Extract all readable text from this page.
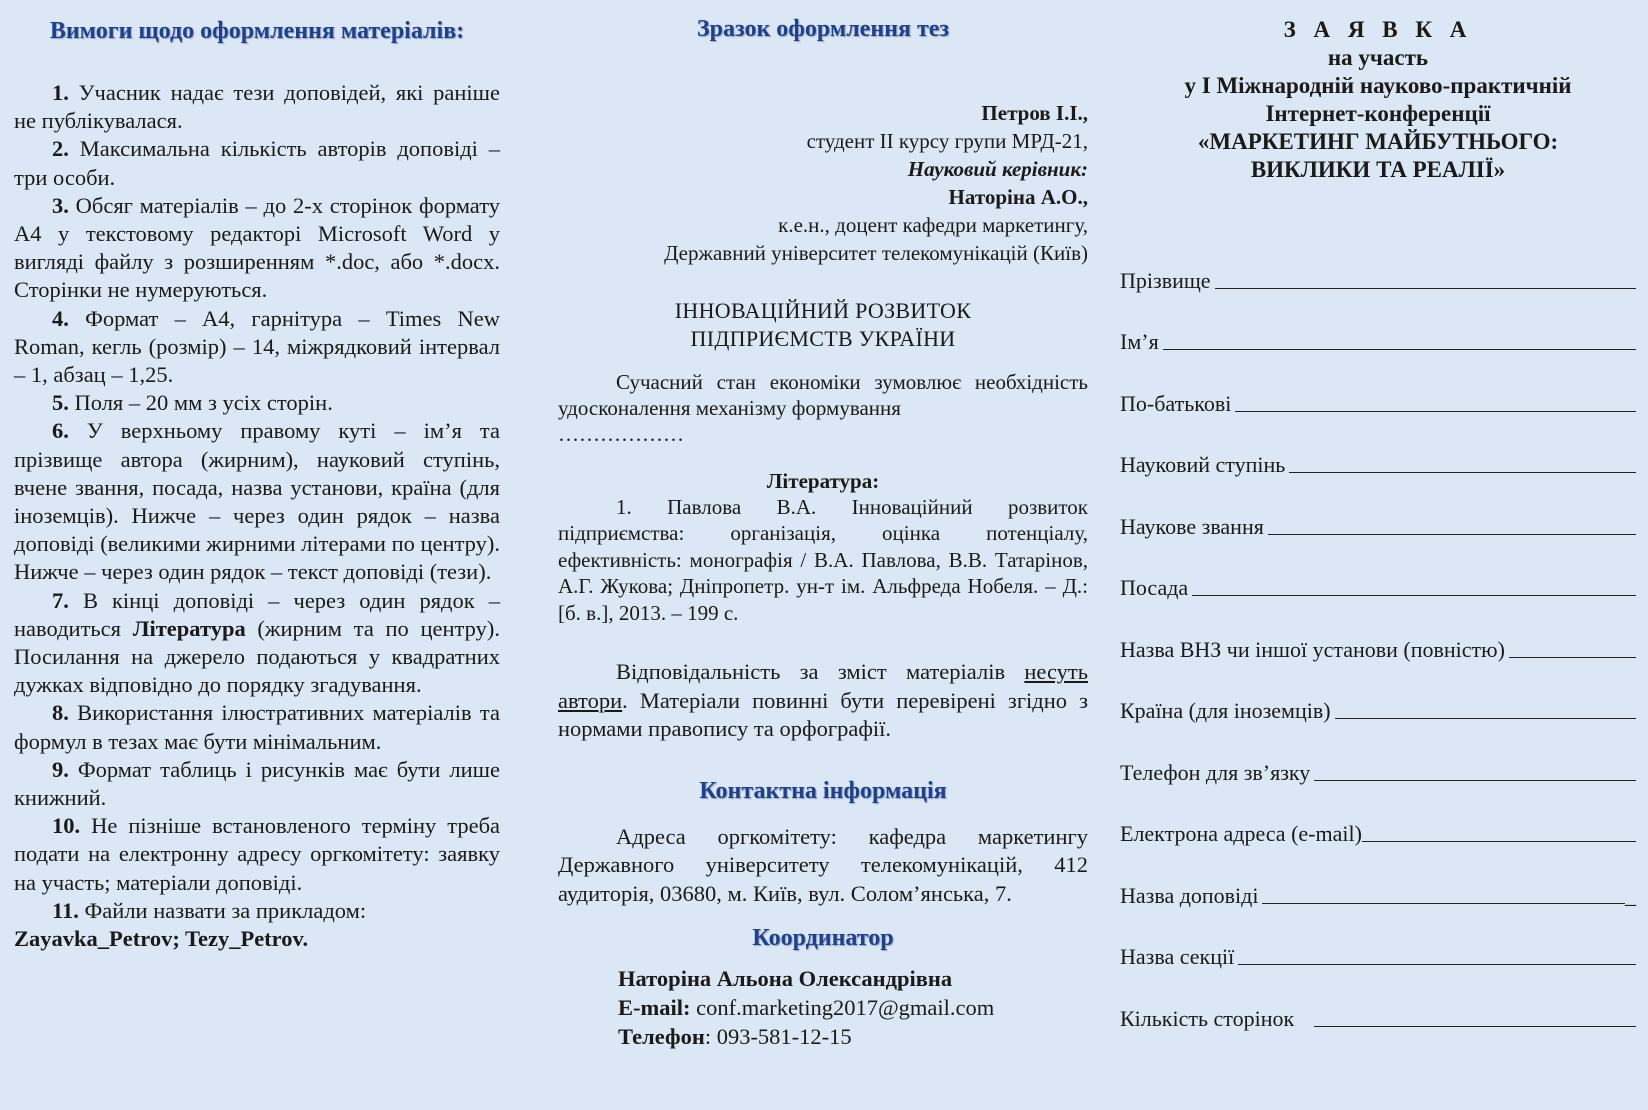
Вимоги щодо оформлення матеріалів:
1. Учасник надає тези доповідей, які раніше не публікувалася.
2. Максимальна кількість авторів доповіді – три особи.
3. Обсяг матеріалів – до 2-х сторінок формату А4 у текстовому редакторі Microsoft Word у вигляді файлу з розширенням *.doc, або *.docx. Сторінки не нумеруються.
4. Формат – А4, гарнітура – Times New Roman, кегль (розмір) – 14, міжрядковий інтервал – 1, абзац – 1,25.
5. Поля – 20 мм з усіх сторін.
6. У верхньому правому куті – ім’я та прізвище автора (жирним), науковий ступінь, вчене звання, посада, назва установи, країна (для іноземців). Нижче – через один рядок – назва доповіді (великими жирними літерами по центру). Нижче – через один рядок – текст доповіді (тези).
7. В кінці доповіді – через один рядок – наводиться Література (жирним та по центру). Посилання на джерело подаються у квадратних дужках відповідно до порядку згадування.
8. Використання ілюстративних матеріалів та формул в тезах має бути мінімальним.
9. Формат таблиць і рисунків має бути лише книжний.
10. Не пізніше встановленого терміну треба подати на електронну адресу оргкомітету: заявку на участь; матеріали доповіді.
11. Файли назвати за прикладом:
Zayavka_Petrov; Tezy_Petrov.
Зразок оформлення тез
Петров І.І.,
студент ІІ курсу групи МРД-21,
Науковий керівник:
Наторіна А.О.,
к.е.н., доцент кафедри маркетингу,
Державний університет телекомунікацій (Київ)
ІННОВАЦІЙНИЙ РОЗВИТОК
ПІДПРИЄМСТВ УКРАЇНИ
Сучасний стан економіки зумовлює необхідність удосконалення механізму формування
………………
Література:
1. Павлова В.А. Інноваційний розвиток підприємства: організація, оцінка потенціалу, ефективність: монографія / В.А. Павлова, В.В. Татарінов, А.Г. Жукова; Дніпропетр. ун-т ім. Альфреда Нобеля. – Д.: [б. в.], 2013. – 199 с.
Відповідальність за зміст матеріалів несуть автори. Матеріали повинні бути перевірені згідно з нормами правопису та орфографії.
Контактна інформація
Адреса оргкомітету: кафедра маркетингу Державного університету телекомунікацій, 412 аудиторія, 03680, м. Київ, вул. Солом’янська, 7.
Координатор
Наторіна Альона Олександрівна
E-mail: conf.marketing2017@gmail.com
Телефон: 093-581-12-15
З А Я В К А
на участь
у І Міжнародній науково-практичній
Інтернет-конференції
«МАРКЕТИНГ МАЙБУТНЬОГО:
ВИКЛИКИ ТА РЕАЛІЇ»
Прізвище
Ім’я
По-батькові
Науковий ступінь
Наукове звання
Посада
Назва ВНЗ чи іншої установи (повністю)
Країна (для іноземців)
Телефон для зв’язку
Електрона адреса (e-mail)
Назва доповіді	_
Назва секції
Кількість сторінок
